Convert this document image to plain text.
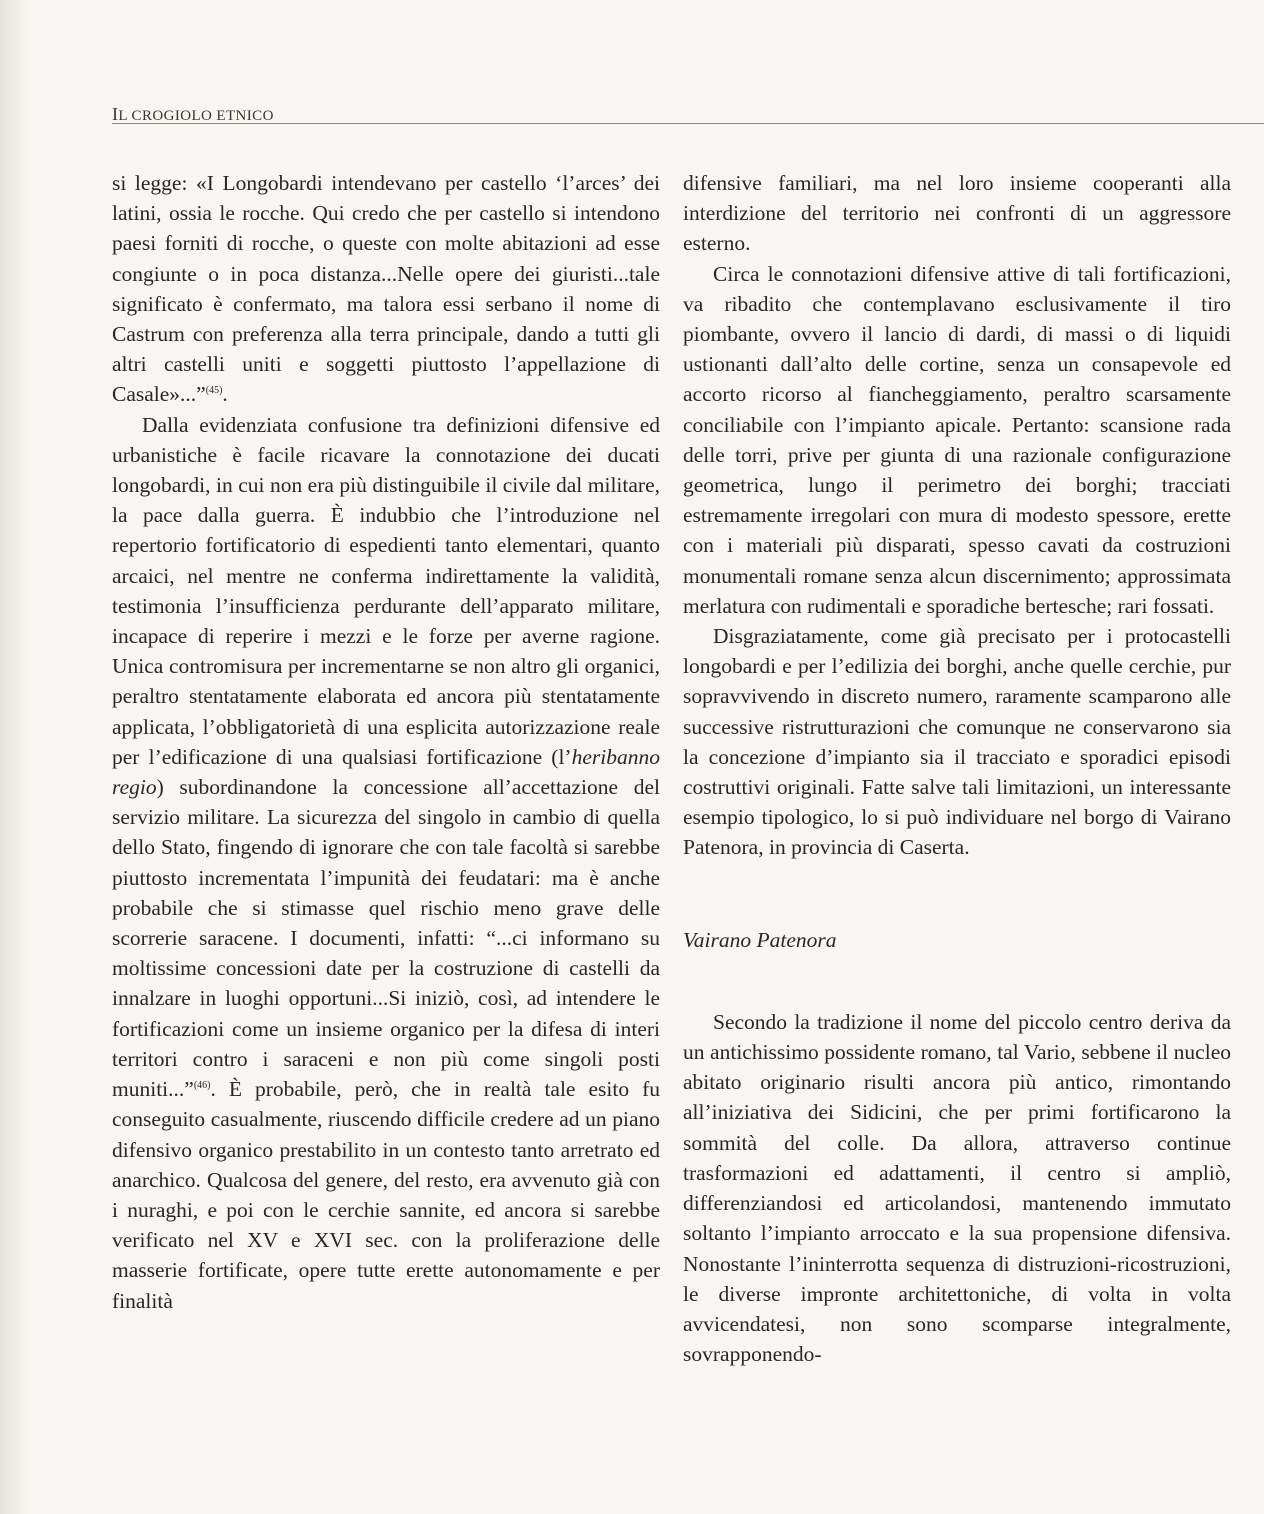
IL CROGIOLO ETNICO

si legge: «I Longobardi intendevano per castello ‘l’arces’ dei latini, ossia le rocche. Qui credo che per castello si intendono paesi forniti di rocche, o queste con molte abitazioni ad esse congiunte o in poca distanza...Nelle opere dei giuristi...tale significato è confermato, ma talora essi serbano il nome di Castrum con preferenza alla terra principale, dando a tutti gli altri castelli uniti e soggetti piuttosto l’appellazione di Casale»...”$^{(45)}$.

Dalla evidenziata confusione tra definizioni difensive ed urbanistiche è facile ricavare la connotazione dei ducati longobardi, in cui non era più distinguibile il civile dal militare, la pace dalla guerra. È indubbio che l’introduzione nel repertorio fortificatorio di espedienti tanto elementari, quanto arcaici, nel mentre ne conferma indirettamente la validità, testimonia l’insufficienza perdurante dell’apparato militare, incapace di reperire i mezzi e le forze per averne ragione. Unica contromisura per incrementarne se non altro gli organici, peraltro stentatamente elaborata ed ancora più stentatamente applicata, l’obbligatorietà di una esplicita autorizzazione reale per l’edificazione di una qualsiasi fortificazione (l’heribanno regio) subordinandone la concessione all’accettazione del servizio militare. La sicurezza del singolo in cambio di quella dello Stato, fingendo di ignorare che con tale facoltà si sarebbe piuttosto incrementata l’impunità dei feudatari: ma è anche probabile che si stimasse quel rischio meno grave delle scorrerie saracene. I documenti, infatti: “...ci informano su moltissime concessioni date per la costruzione di castelli da innalzare in luoghi opportuni...Si iniziò, così, ad intendere le fortificazioni come un insieme organico per la difesa di interi territori contro i saraceni e non più come singoli posti muniti...”$^{(46)}$. È probabile, però, che in realtà tale esito fu conseguito casualmente, riuscendo difficile credere ad un piano difensivo organico prestabilito in un contesto tanto arretrato ed anarchico. Qualcosa del genere, del resto, era avvenuto già con i nuraghi, e poi con le cerchie sannite, ed ancora si sarebbe verificato nel XV e XVI sec. con la proliferazione delle masserie fortificate, opere tutte erette autonomamente e per finalità

difensive familiari, ma nel loro insieme cooperanti alla interdizione del territorio nei confronti di un aggressore esterno.

Circa le connotazioni difensive attive di tali fortificazioni, va ribadito che contemplavano esclusivamente il tiro piombante, ovvero il lancio di dardi, di massi o di liquidi ustionanti dall’alto delle cortine, senza un consapevole ed accorto ricorso al fiancheggiamento, peraltro scarsamente conciliabile con l’impianto apicale. Pertanto: scansione rada delle torri, prive per giunta di una razionale configurazione geometrica, lungo il perimetro dei borghi; tracciati estremamente irregolari con mura di modesto spessore, erette con i materiali più disparati, spesso cavati da costruzioni monumentali romane senza alcun discernimento; approssimata merlatura con rudimentali e sporadiche bertesche; rari fossati.

Disgraziatamente, come già precisato per i protocastelli longobardi e per l’edilizia dei borghi, anche quelle cerchie, pur sopravvivendo in discreto numero, raramente scamparono alle successive ristrutturazioni che comunque ne conservarono sia la concezione d’impianto sia il tracciato e sporadici episodi costruttivi originali. Fatte salve tali limitazioni, un interessante esempio tipologico, lo si può individuare nel borgo di Vairano Patenora, in provincia di Caserta.

Vairano Patenora

Secondo la tradizione il nome del piccolo centro deriva da un antichissimo possidente romano, tal Vario, sebbene il nucleo abitato originario risulti ancora più antico, rimontando all’iniziativa dei Sidicini, che per primi fortificarono la sommità del colle. Da allora, attraverso continue trasformazioni ed adattamenti, il centro si ampliò, differenziandosi ed articolandosi, mantenendo immutato soltanto l’impianto arroccato e la sua propensione difensiva. Nonostante l’ininterrotta sequenza di distruzioni-ricostruzioni, le diverse impronte architettoniche, di volta in volta avvicendatesi, non sono scomparse integralmente, sovrapponendo-
